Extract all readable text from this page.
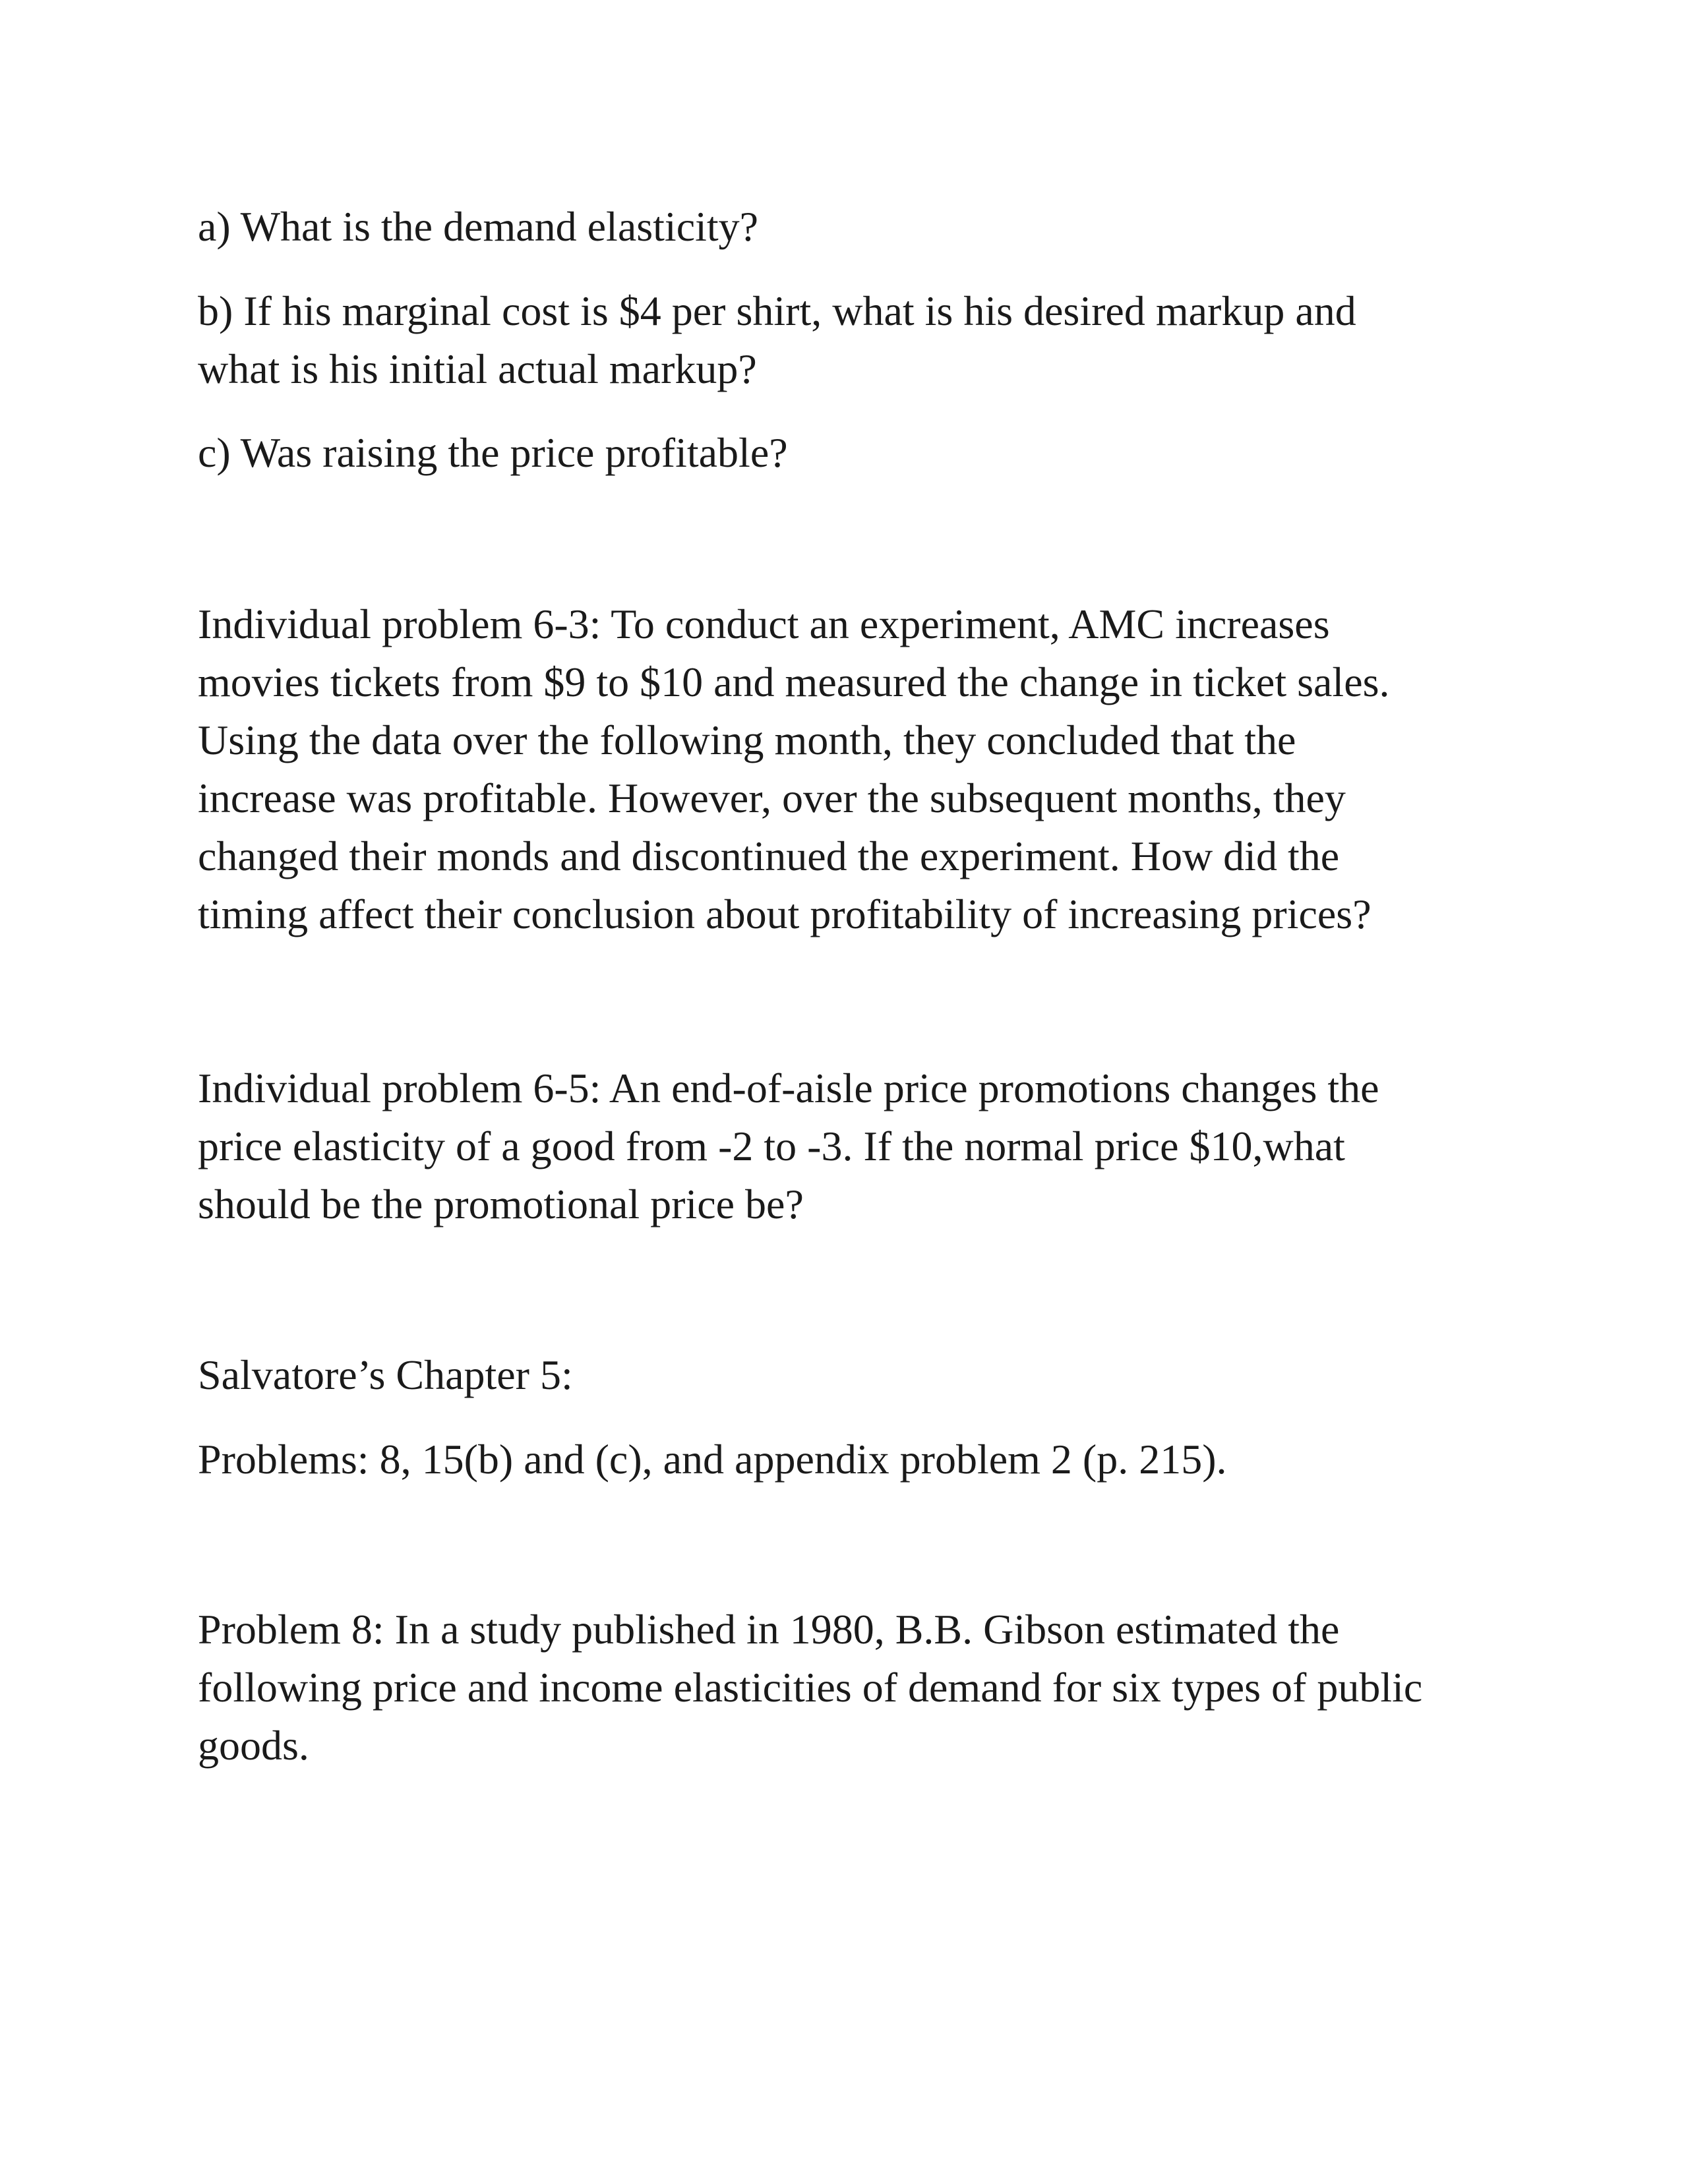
a) What is the demand elasticity?

b) If his marginal cost is $4 per shirt, what is his desired markup and
what is his initial actual markup?

c) Was raising the price profitable?

Individual problem 6-3: To conduct an experiment, AMC increases
movies tickets from $9 to $10 and measured the change in ticket sales.
Using the data over the following month, they concluded that the
increase was profitable. However, over the subsequent months, they
changed their monds and discontinued the experiment. How did the
timing affect their conclusion about profitability of increasing prices?

Individual problem 6-5: An end-of-aisle price promotions changes the
price elasticity of a good from -2 to -3. If the normal price $10,what
should be the promotional price be?

Salvatore’s Chapter 5:

Problems: 8, 15(b) and (c), and appendix problem 2 (p. 215).

Problem 8: In a study published in 1980, B.B. Gibson estimated the
following price and income elasticities of demand for six types of public
goods.
